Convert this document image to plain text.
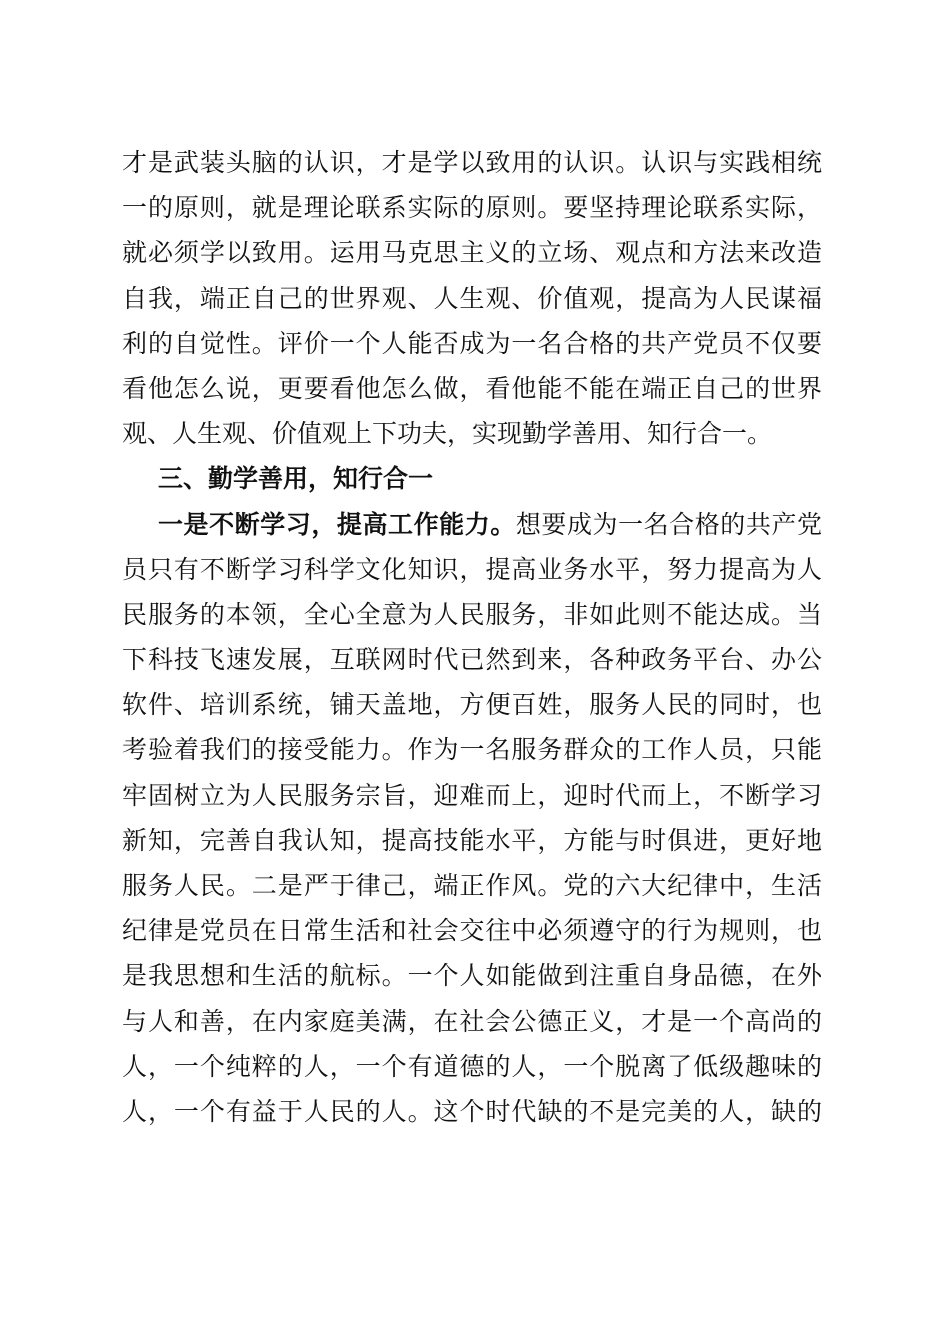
才是武装头脑的认识，才是学以致用的认识。认识与实践相统
一的原则，就是理论联系实际的原则。要坚持理论联系实际，
就必须学以致用。运用马克思主义的立场、观点和方法来改造
自我，端正自己的世界观、人生观、价值观，提高为人民谋福
利的自觉性。评价一个人能否成为一名合格的共产党员不仅要
看他怎么说，更要看他怎么做，看他能不能在端正自己的世界
观、人生观、价值观上下功夫，实现勤学善用、知行合一。
三、勤学善用，知行合一
一是不断学习，提高工作能力。想要成为一名合格的共产党
员只有不断学习科学文化知识，提高业务水平，努力提高为人
民服务的本领，全心全意为人民服务，非如此则不能达成。当
下科技飞速发展，互联网时代已然到来，各种政务平台、办公
软件、培训系统，铺天盖地，方便百姓，服务人民的同时，也
考验着我们的接受能力。作为一名服务群众的工作人员，只能
牢固树立为人民服务宗旨，迎难而上，迎时代而上，不断学习
新知，完善自我认知，提高技能水平，方能与时俱进，更好地
服务人民。二是严于律己，端正作风。党的六大纪律中，生活
纪律是党员在日常生活和社会交往中必须遵守的行为规则，也
是我思想和生活的航标。一个人如能做到注重自身品德，在外
与人和善，在内家庭美满，在社会公德正义，才是一个高尚的
人，一个纯粹的人，一个有道德的人，一个脱离了低级趣味的
人，一个有益于人民的人。这个时代缺的不是完美的人，缺的
